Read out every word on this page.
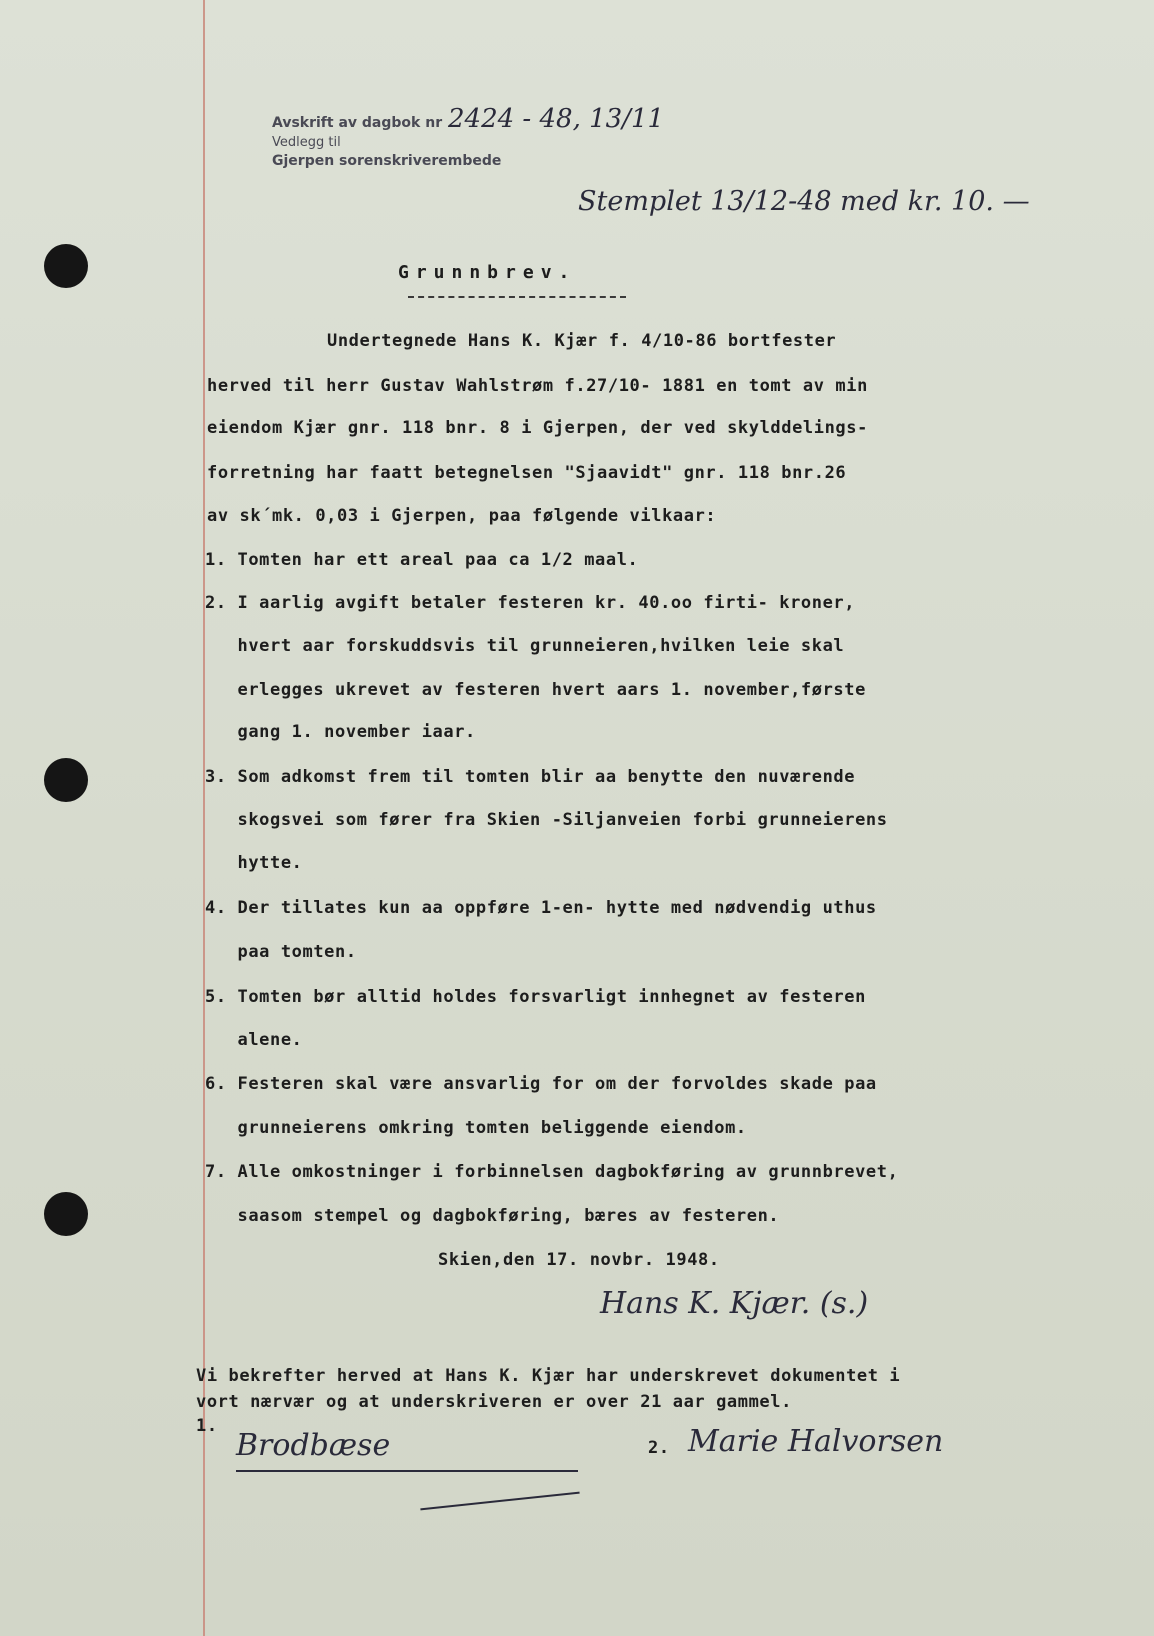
Avskrift av dagbok nr
Vedlegg til
Gjerpen sorenskriverembede
2424 - 48, 13/11
Stemplet 13/12-48 med kr. 10. —
Grunnbrev.
Undertegnede Hans K. Kjær f. 4/10-86 bortfester
herved til herr Gustav Wahlstrøm f.27/10- 1881 en tomt av min
eiendom Kjær gnr. 118 bnr. 8 i Gjerpen, der ved skylddelings-
forretning har faatt betegnelsen "Sjaavidt" gnr. 118 bnr.26
av sk´mk. 0,03 i Gjerpen, paa følgende vilkaar:
1. Tomten har ett areal paa ca 1/2 maal.
2. I aarlig avgift betaler festeren kr. 40.oo firti- kroner,
hvert aar forskuddsvis til grunneieren,hvilken leie skal
erlegges ukrevet av festeren hvert aars 1. november,første
gang 1. november iaar.
3. Som adkomst frem til tomten blir aa benytte den nuværende
skogsvei som fører fra Skien -Siljanveien forbi grunneierens
hytte.
4. Der tillates kun aa oppføre 1-en- hytte med nødvendig uthus
paa tomten.
5. Tomten bør alltid holdes forsvarligt innhegnet av festeren
alene.
6. Festeren skal være ansvarlig for om der forvoldes skade paa
grunneierens omkring tomten beliggende eiendom.
7. Alle omkostninger i forbinnelsen dagbokføring av grunnbrevet,
saasom stempel og dagbokføring, bæres av festeren.
Skien,den 17. novbr. 1948.
Hans K. Kjær. (s.)
Vi bekrefter herved at Hans K. Kjær har underskrevet dokumentet i
vort nærvær og at underskriveren er over 21 aar gammel.
1.
2.
Brodbæse	Marie Halvorsen
